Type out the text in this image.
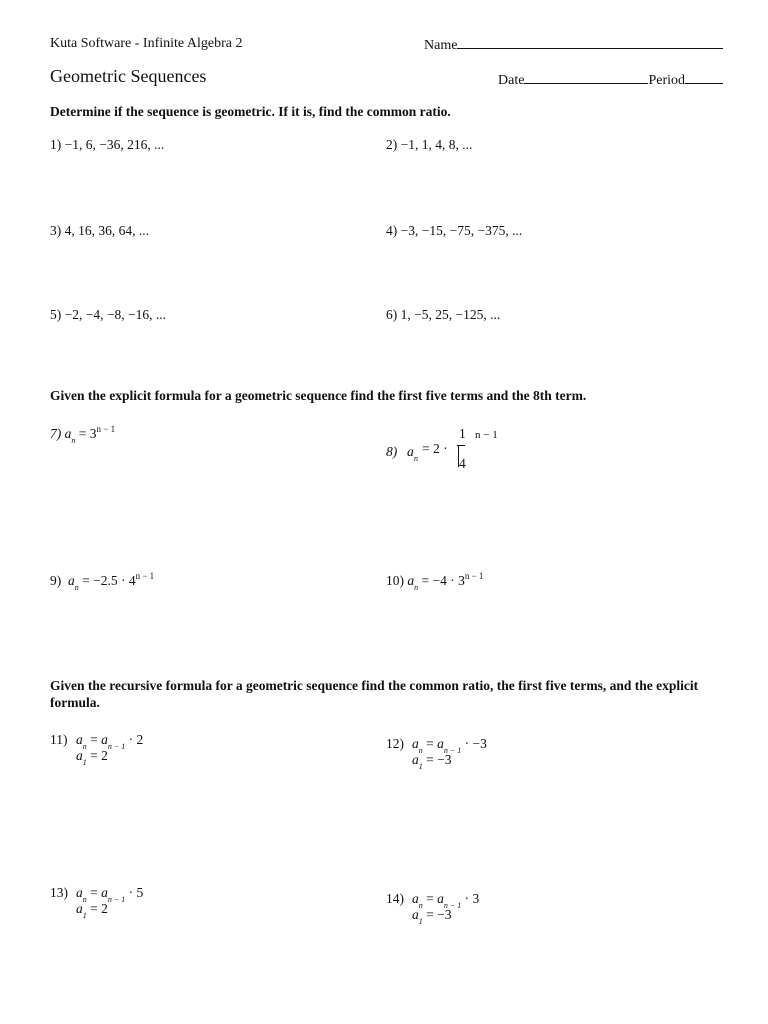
Kuta Software - Infinite Algebra 2	Name
Geometric Sequences	Date	Period
Determine if the sequence is geometric. If it is, find the common ratio.
1) −1, 6, −36, 216, ...	2) −1, 1, 4, 8, ...
3) 4, 16, 36, 64, ...	4) −3, −15, −75, −375, ...
5) −2, −4, −8, −16, ...	6) 1, −5, 25, −125, ...
Given the explicit formula for a geometric sequence find the first five terms and the 8th term.
7) $a_n = 3^{n - 1}$
8) a $_n$
= 2 ·
1
4
n − 1
9) $a_n = -2.5 \cdot 4^{n - 1}$	10) $a_n = -4 \cdot 3^{n - 1}$
Given the recursive formula for a geometric sequence find the common ratio, the first five terms, and the explicit formula.
11) $a_n = a_{n - 1} \cdot 2$
$a_1 = 2$
12) $a_n = a_{n - 1} \cdot -3$
$a_1 = -3$
13) $a_n = a_{n - 1} \cdot 5$
$a_1 = 2$
14) $a_n = a_{n - 1} \cdot 3$
$a_1 = -3$
